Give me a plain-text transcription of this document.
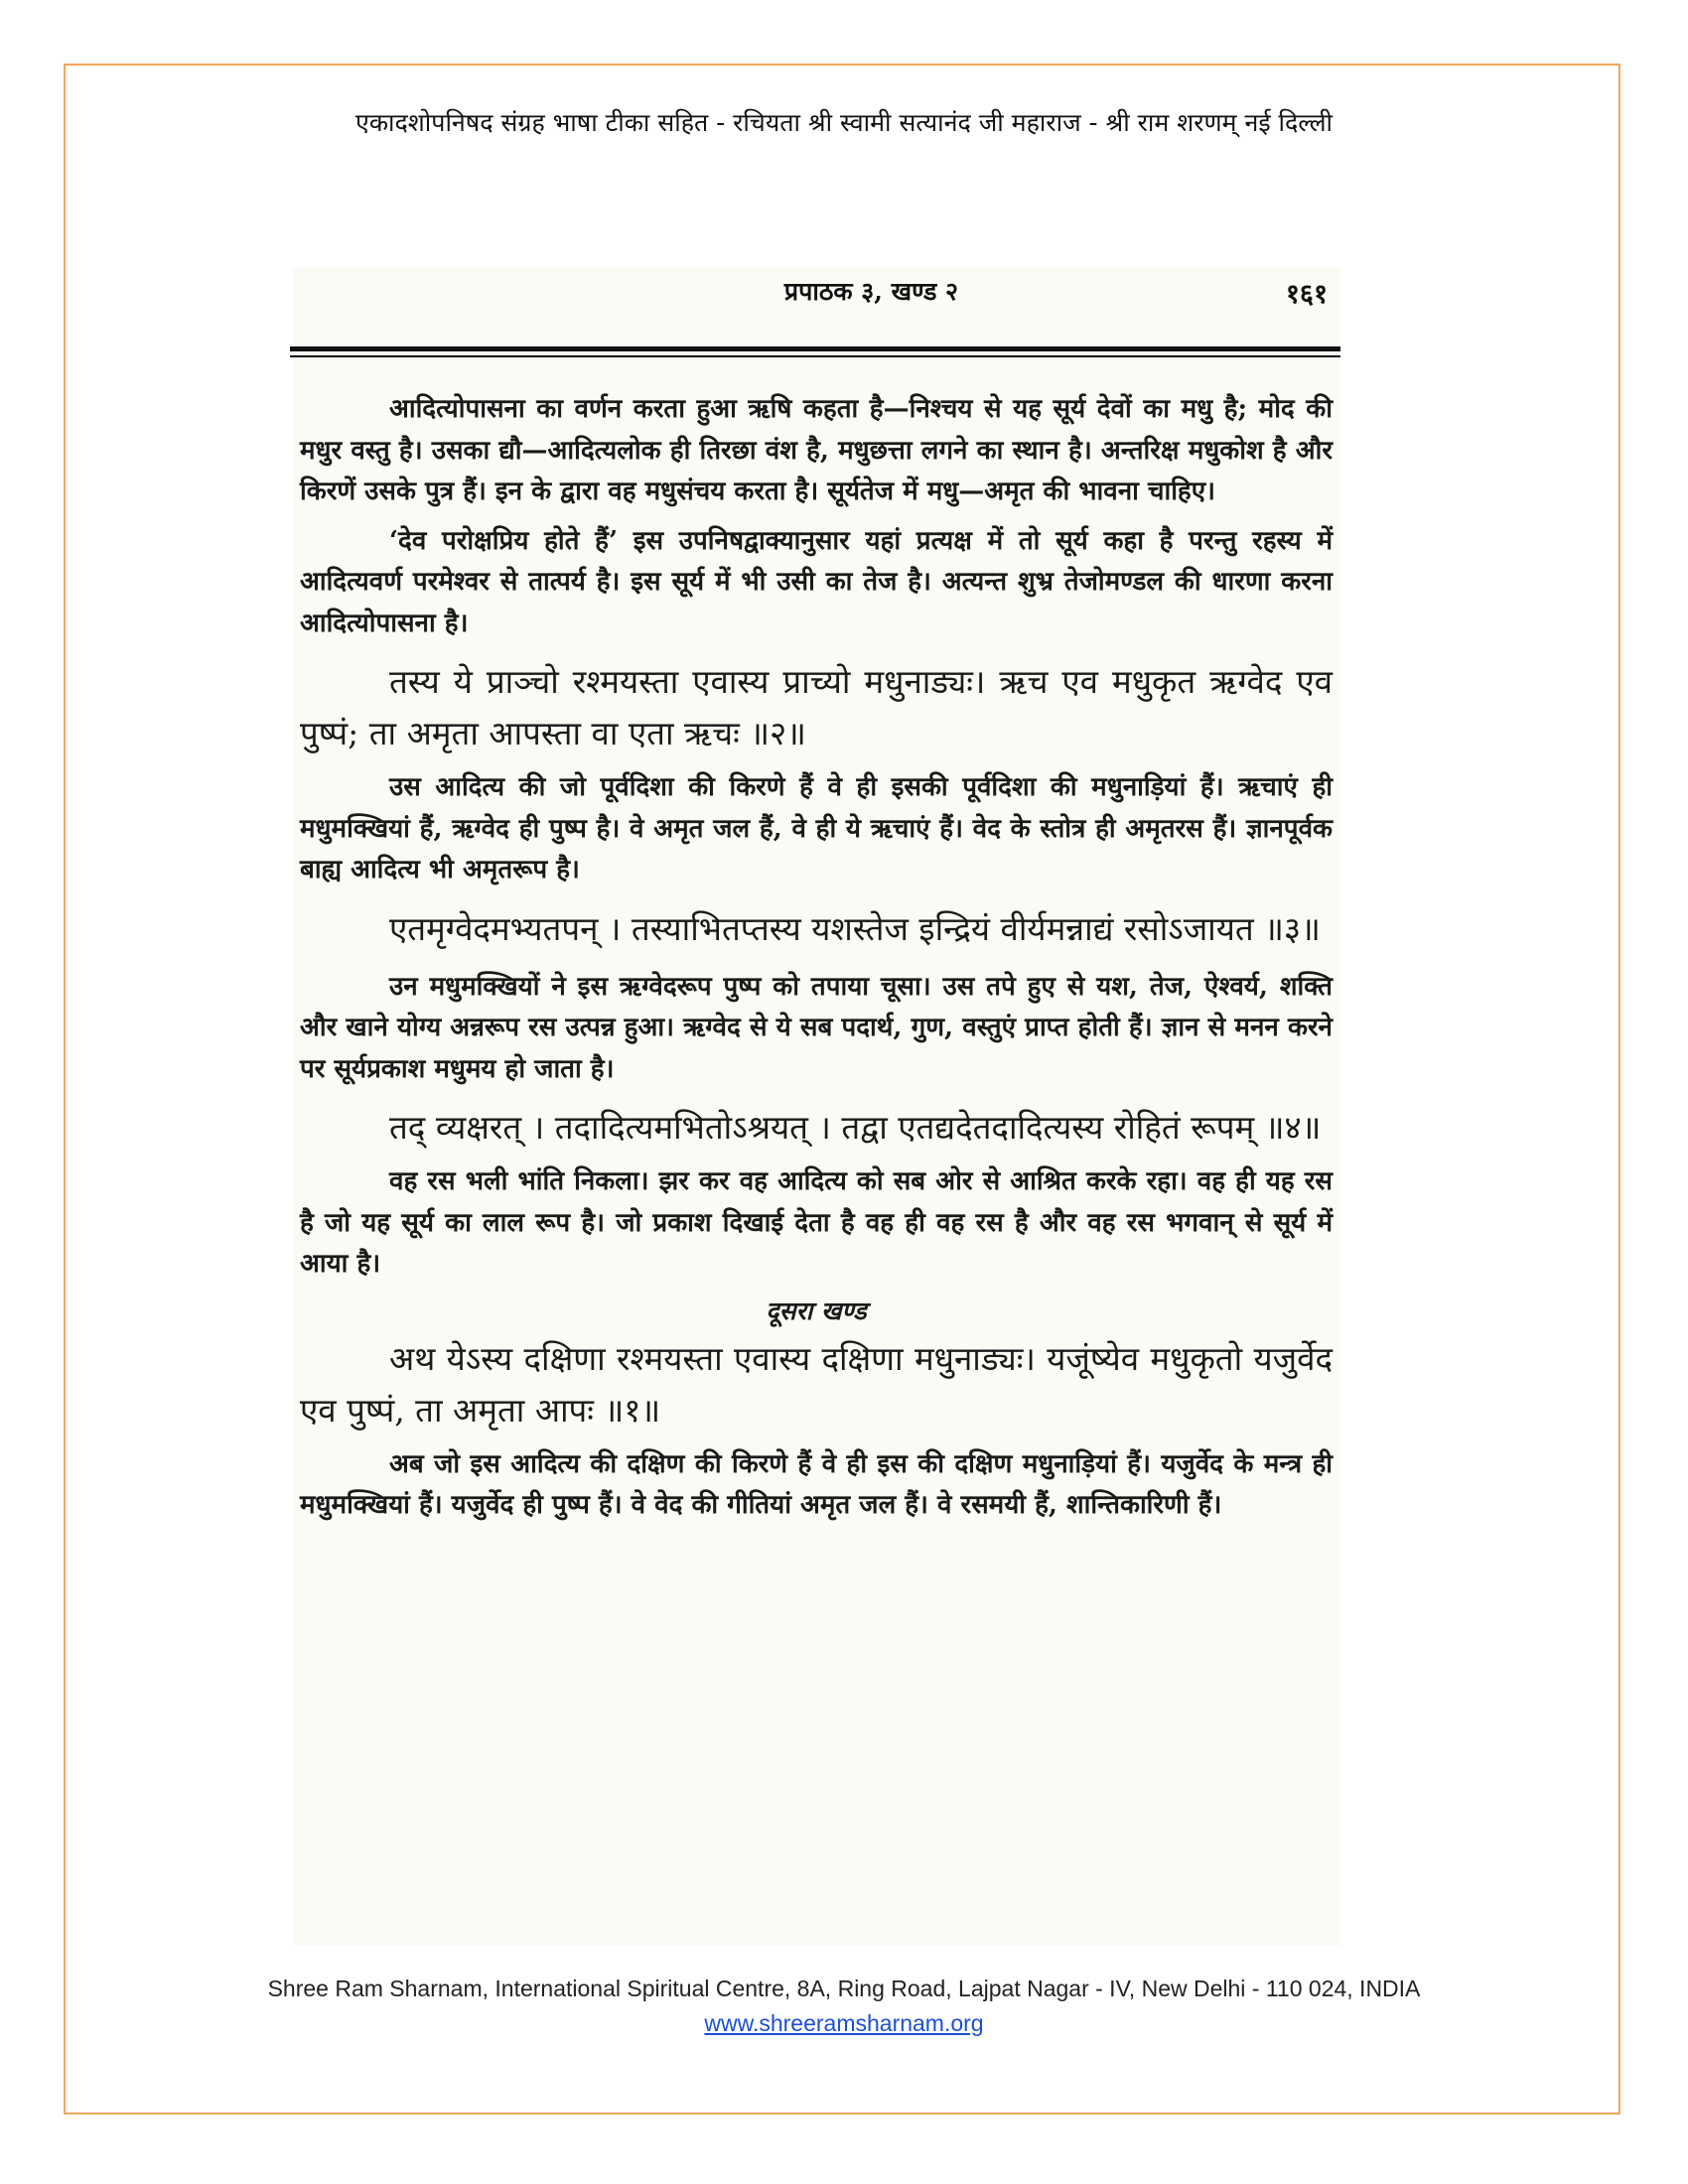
एकादशोपनिषद संग्रह भाषा टीका सहित - रचियता श्री स्वामी सत्यानंद जी महाराज - श्री राम शरणम् नई दिल्ली
प्रपाठक ३, खण्ड २	१६१

आदित्योपासना का वर्णन करता हुआ ऋषि कहता है—निश्चय से यह सूर्य देवों का मधु है; मोद की मधुर वस्तु है। उसका द्यौ—आदित्यलोक ही तिरछा वंश है, मधुछत्ता लगने का स्थान है। अन्तरिक्ष मधुकोश है और किरणें उसके पुत्र हैं। इन के द्वारा वह मधुसंचय करता है। सूर्यतेज में मधु—अमृत की भावना चाहिए।

‘देव परोक्षप्रिय होते हैं’ इस उपनिषद्वाक्यानुसार यहां प्रत्यक्ष में तो सूर्य कहा है परन्तु रहस्य में आदित्यवर्ण परमेश्वर से तात्पर्य है। इस सूर्य में भी उसी का तेज है। अत्यन्त शुभ्र तेजोमण्डल की धारणा करना आदित्योपासना है।

तस्य ये प्राञ्चो रश्मयस्ता एवास्य प्राच्यो मधुनाड्यः। ऋच एव मधुकृत ऋग्वेद एव पुष्पं; ता अमृता आपस्ता वा एता ऋचः ॥२॥

उस आदित्य की जो पूर्वदिशा की किरणे हैं वे ही इसकी पूर्वदिशा की मधुनाड़ियां हैं। ऋचाएं ही मधुमक्खियां हैं, ऋग्वेद ही पुष्प है। वे अमृत जल हैं, वे ही ये ऋचाएं हैं। वेद के स्तोत्र ही अमृतरस हैं। ज्ञानपूर्वक बाह्य आदित्य भी अमृतरूप है।

एतमृग्वेदमभ्यतपन् । तस्याभितप्तस्य यशस्तेज इन्द्रियं वीर्यमन्नाद्यं रसोऽजायत ॥३॥

उन मधुमक्खियों ने इस ऋग्वेदरूप पुष्प को तपाया चूसा। उस तपे हुए से यश, तेज, ऐश्वर्य, शक्ति और खाने योग्य अन्नरूप रस उत्पन्न हुआ। ऋग्वेद से ये सब पदार्थ, गुण, वस्तुएं प्राप्त होती हैं। ज्ञान से मनन करने पर सूर्यप्रकाश मधुमय हो जाता है।

तद् व्यक्षरत् । तदादित्यमभितोऽश्रयत् । तद्वा एतद्यदेतदादित्यस्य रोहितं रूपम् ॥४॥

वह रस भली भांति निकला। झर कर वह आदित्य को सब ओर से आश्रित करके रहा। वह ही यह रस है जो यह सूर्य का लाल रूप है। जो प्रकाश दिखाई देता है वह ही वह रस है और वह रस भगवान् से सूर्य में आया है।

दूसरा खण्ड

अथ येऽस्य दक्षिणा रश्मयस्ता एवास्य दक्षिणा मधुनाड्यः। यजूंष्येव मधुकृतो यजुर्वेद एव पुष्पं, ता अमृता आपः ॥१॥

अब जो इस आदित्य की दक्षिण की किरणे हैं वे ही इस की दक्षिण मधुनाड़ियां हैं। यजुर्वेद के मन्त्र ही मधुमक्खियां हैं। यजुर्वेद ही पुष्प हैं। वे वेद की गीतियां अमृत जल हैं। वे रसमयी हैं, शान्तिकारिणी हैं।

Shree Ram Sharnam, International Spiritual Centre, 8A, Ring Road, Lajpat Nagar - IV, New Delhi - 110 024, INDIA
www.shreeramsharnam.org
